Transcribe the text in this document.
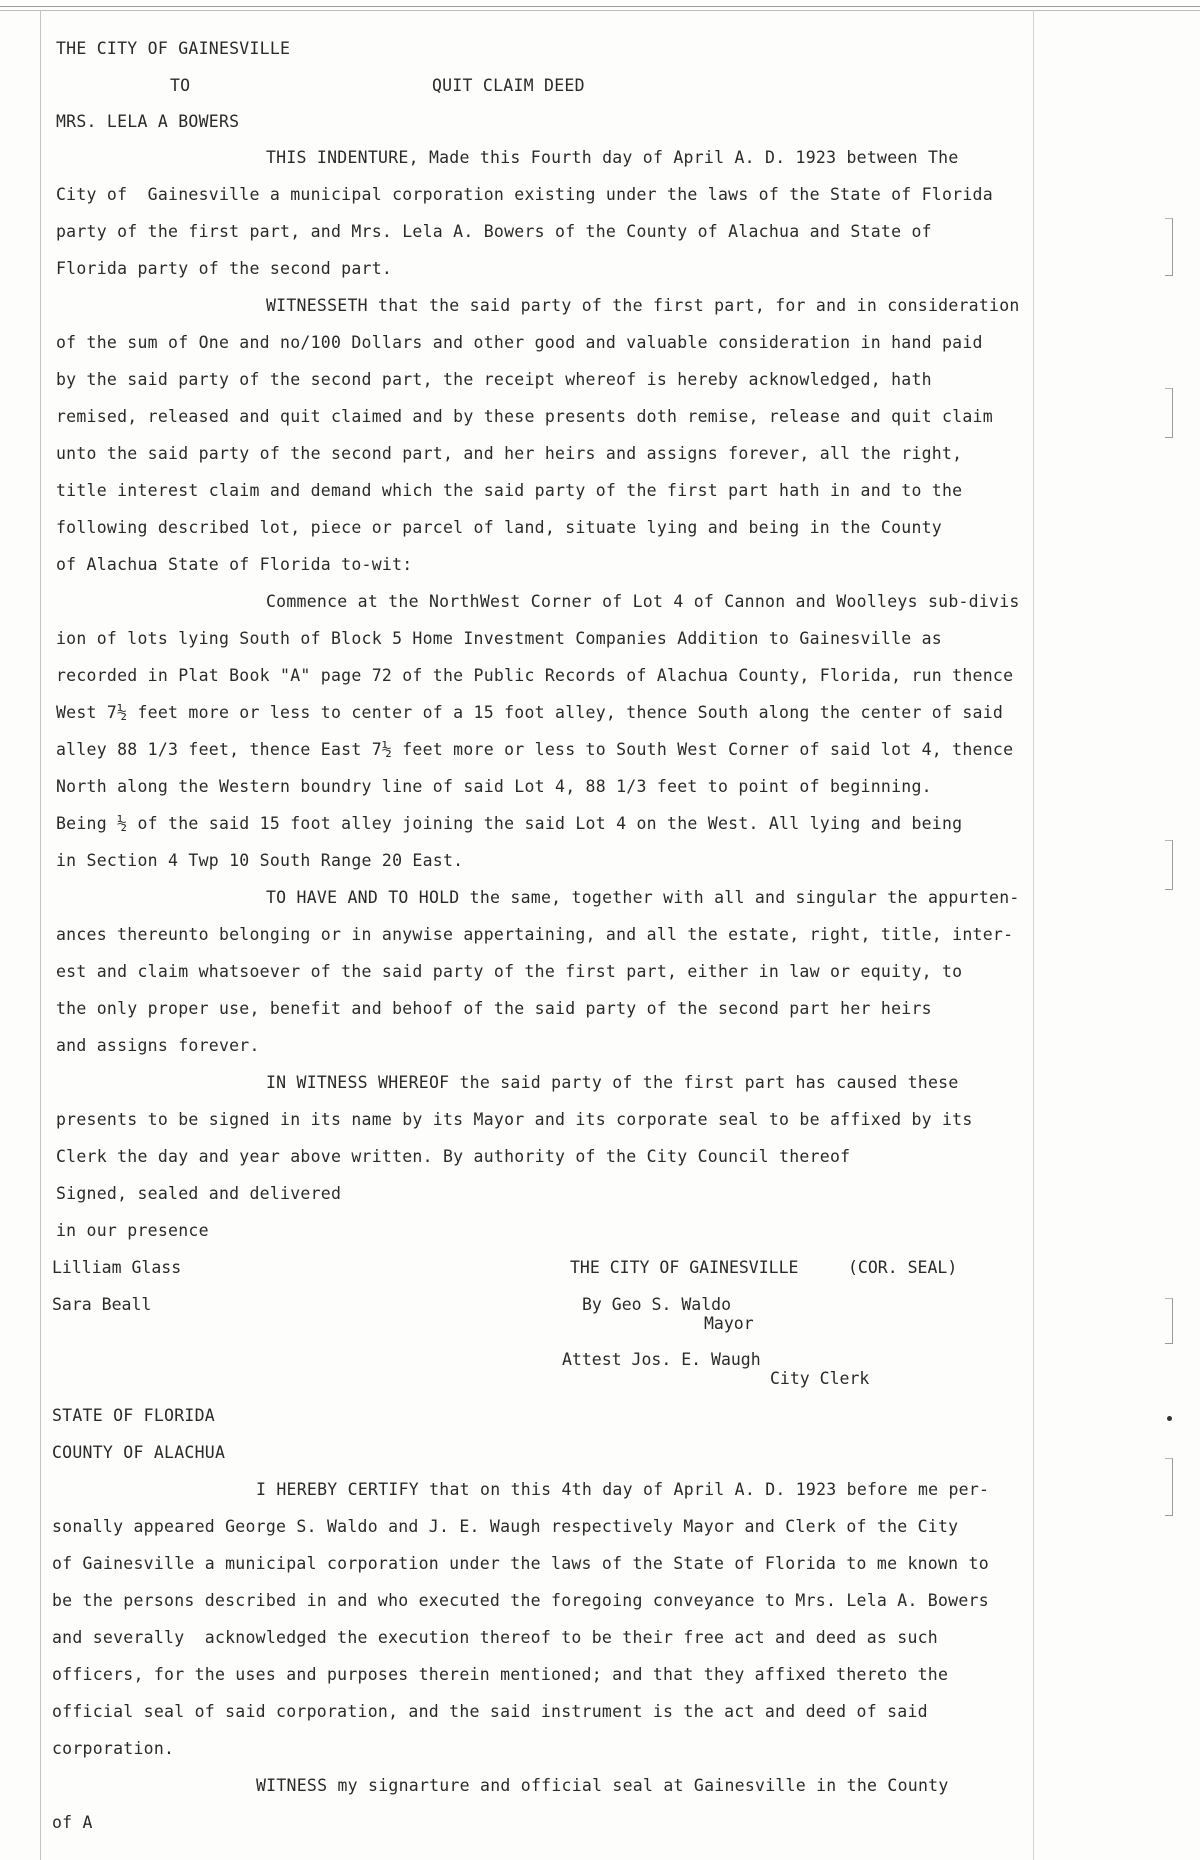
THE CITY OF GAINESVILLE
TO	QUIT CLAIM DEED
MRS. LELA A BOWERS
THIS INDENTURE, Made this Fourth day of April A. D. 1923 between The
City of  Gainesville a municipal corporation existing under the laws of the State of Florida
party of the first part, and Mrs. Lela A. Bowers of the County of Alachua and State of
Florida party of the second part.
WITNESSETH that the said party of the first part, for and in consideration
of the sum of One and no/100 Dollars and other good and valuable consideration in hand paid
by the said party of the second part, the receipt whereof is hereby acknowledged, hath
remised, released and quit claimed and by these presents doth remise, release and quit claim
unto the said party of the second part, and her heirs and assigns forever, all the right,
title interest claim and demand which the said party of the first part hath in and to the
following described lot, piece or parcel of land, situate lying and being in the County
of Alachua State of Florida to-wit:
Commence at the NorthWest Corner of Lot 4 of Cannon and Woolleys sub-divis
ion of lots lying South of Block 5 Home Investment Companies Addition to Gainesville as
recorded in Plat Book "A" page 72 of the Public Records of Alachua County, Florida, run thence
West 7½ feet more or less to center of a 15 foot alley, thence South along the center of said
alley 88 1/3 feet, thence East 7½ feet more or less to South West Corner of said lot 4, thence
North along the Western boundry line of said Lot 4, 88 1/3 feet to point of beginning.
Being ½ of the said 15 foot alley joining the said Lot 4 on the West. All lying and being
in Section 4 Twp 10 South Range 20 East.
TO HAVE AND TO HOLD the same, together with all and singular the appurten-
ances thereunto belonging or in anywise appertaining, and all the estate, right, title, inter-
est and claim whatsoever of the said party of the first part, either in law or equity, to
the only proper use, benefit and behoof of the said party of the second part her heirs
and assigns forever.
IN WITNESS WHEREOF the said party of the first part has caused these
presents to be signed in its name by its Mayor and its corporate seal to be affixed by its
Clerk the day and year above written. By authority of the City Council thereof
Signed, sealed and delivered
in our presence
Lilliam Glass
Sara Beall
THE CITY OF GAINESVILLE	(COR. SEAL)
By Geo S. Waldo
Mayor
Attest Jos. E. Waugh
City Clerk
STATE OF FLORIDA
COUNTY OF ALACHUA
I HEREBY CERTIFY that on this 4th day of April A. D. 1923 before me per-
sonally appeared George S. Waldo and J. E. Waugh respectively Mayor and Clerk of the City
of Gainesville a municipal corporation under the laws of the State of Florida to me known to
be the persons described in and who executed the foregoing conveyance to Mrs. Lela A. Bowers
and severally  acknowledged the execution thereof to be their free act and deed as such
officers, for the uses and purposes therein mentioned; and that they affixed thereto the
official seal of said corporation, and the said instrument is the act and deed of said
corporation.
WITNESS my signarture and official seal at Gainesville in the County
of A
